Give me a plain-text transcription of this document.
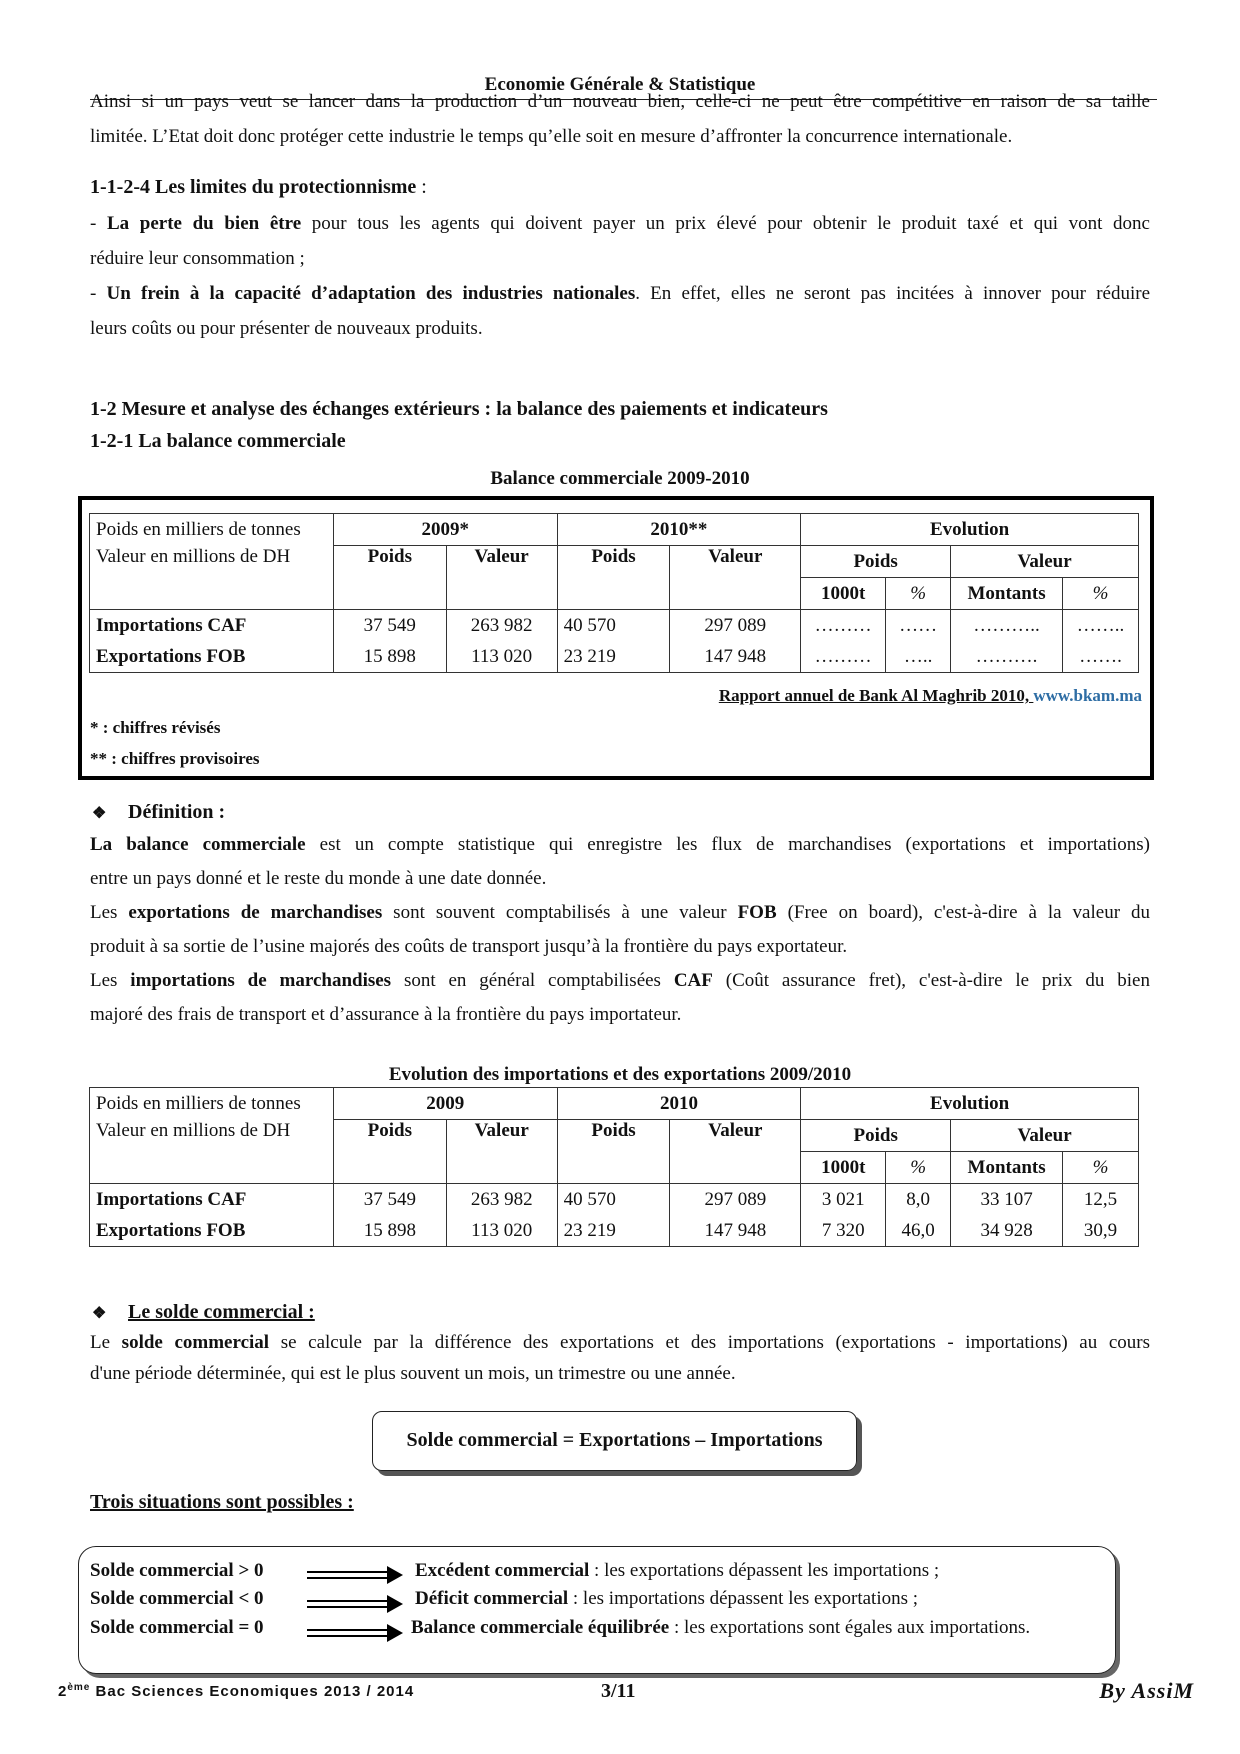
Economie Générale & Statistique
Ainsi si un pays veut se lancer dans la production d’un nouveau bien, celle-ci ne peut être compétitive en raison de sa taille
limitée. L’Etat doit donc protéger cette industrie le temps qu’elle soit en mesure d’affronter la concurrence internationale.
1-1-2-4 Les limites du protectionnisme :
- La perte du bien être pour tous les agents qui doivent payer un prix élevé pour obtenir le produit taxé et qui vont donc
réduire leur consommation ;
- Un frein à la capacité d’adaptation des industries nationales. En effet, elles ne seront pas incitées à innover pour réduire
leurs coûts ou pour présenter de nouveaux produits.
1-2 Mesure et analyse des échanges extérieurs : la balance des paiements et indicateurs
1-2-1 La balance commerciale
Balance commerciale 2009-2010
Poids en milliers de tonnes	2009*		2010**		Evolution			
Valeur en millions de DH	Poids	Valeur	Poids	Valeur	Poids		Valeur	
					1000t	%	Montants	%
Importations CAF	37 549	263 982	40 570	297 089	………	……	………..	……..
Exportations FOB	15 898	113 020	23 219	147 948	………	…..	……….	…….
Rapport annuel de Bank Al Maghrib 2010, www.bkam.ma
* : chiffres révisés
** : chiffres provisoires
❖ Définition :
La balance commerciale est un compte statistique qui enregistre les flux de marchandises (exportations et importations)
entre un pays donné et le reste du monde à une date donnée.
Les exportations de marchandises sont souvent comptabilisés à une valeur FOB (Free on board), c'est-à-dire à la valeur du
produit à sa sortie de l’usine majorés des coûts de transport jusqu’à la frontière du pays exportateur.
Les importations de marchandises sont en général comptabilisées CAF (Coût assurance fret), c'est-à-dire le prix du bien
majoré des frais de transport et d’assurance à la frontière du pays importateur.
Evolution des importations et des exportations 2009/2010
Poids en milliers de tonnes	2009		2010		Evolution			
Valeur en millions de DH	Poids	Valeur	Poids	Valeur	Poids		Valeur	
					1000t	%	Montants	%
Importations CAF	37 549	263 982	40 570	297 089	3 021	8,0	33 107	12,5
Exportations FOB	15 898	113 020	23 219	147 948	7 320	46,0	34 928	30,9
❖ Le solde commercial :
Le solde commercial se calcule par la différence des exportations et des importations (exportations - importations) au cours
d'une période déterminée, qui est le plus souvent un mois, un trimestre ou une année.
Solde commercial = Exportations – Importations
Trois situations sont possibles :
Solde commercial > 0	Excédent commercial : les exportations dépassent les importations ;
Solde commercial < 0	Déficit commercial : les importations dépassent les exportations ;
Solde commercial = 0	Balance commerciale équilibrée : les exportations sont égales aux importations.
2ème Bac Sciences Economiques 2013 / 2014	3/11	By AssiM
